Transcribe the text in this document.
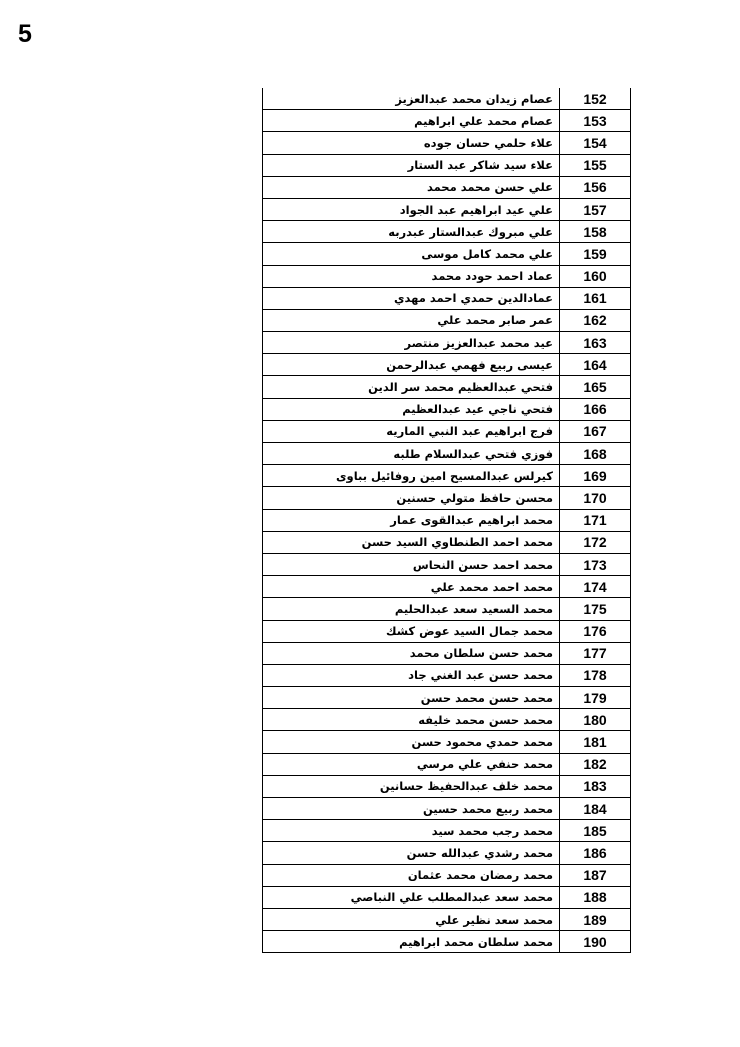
5
عصام زيدان محمد عبدالعزيز	152
عصام محمد علي ابراهيم	153
علاء حلمي حسان جوده	154
علاء سيد شاكر عبد الستار	155
علي حسن محمد محمد	156
علي عيد ابراهيم عبد الجواد	157
علي مبروك عبدالستار عبدربه	158
علي محمد كامل موسى	159
عماد احمد حودد محمد	160
عمادالدين حمدي احمد مهدي	161
عمر صابر محمد علي	162
عيد محمد عبدالعزيز منتصر	163
عيسى ربيع فهمي عبدالرحمن	164
فتحي عبدالعظيم محمد سر الدين	165
فتحي ناجي عيد عبدالعظيم	166
فرج ابراهيم عبد النبي الماريه	167
فوزي فتحي عبدالسلام طلبه	168
كيرلس عبدالمسيح امين روفائيل بباوى	169
محسن حافظ متولي حسنين	170
محمد ابراهيم عبدالقوى عمار	171
محمد احمد الطنطاوي السيد حسن	172
محمد احمد حسن النحاس	173
محمد احمد محمد علي	174
محمد السعيد سعد عبدالحليم	175
محمد جمال السيد عوض كشك	176
محمد حسن سلطان محمد	177
محمد حسن عبد الغني جاد	178
محمد حسن محمد حسن	179
محمد حسن محمد خليفه	180
محمد حمدي محمود حسن	181
محمد حنفي علي مرسي	182
محمد خلف عبدالحفيظ حسانين	183
محمد ربيع محمد حسين	184
محمد رجب محمد سيد	185
محمد رشدي عبدالله حسن	186
محمد رمضان محمد عثمان	187
محمد سعد عبدالمطلب علي النباصي	188
محمد سعد نظير علي	189
محمد سلطان محمد ابراهيم	190
